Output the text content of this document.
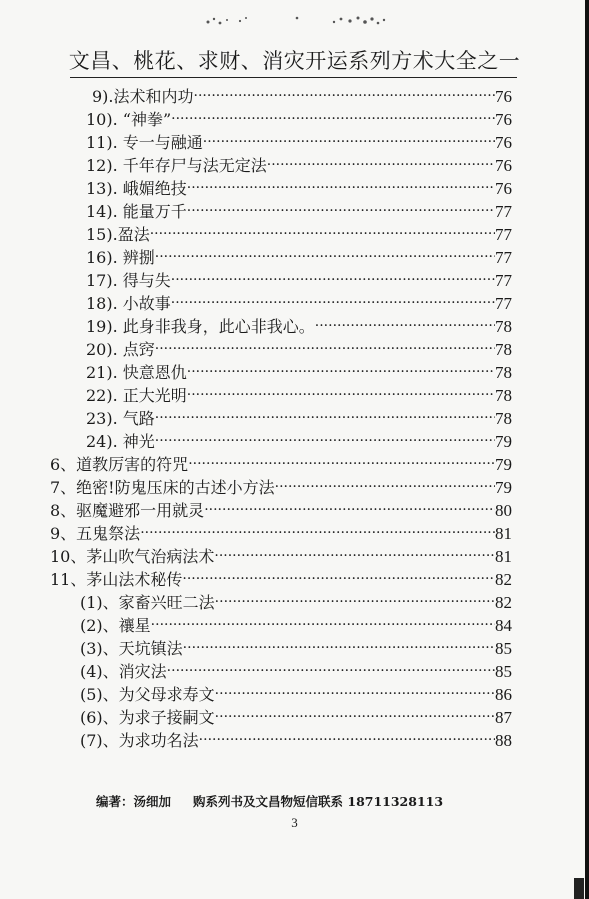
文昌、桃花、求财、消灾开运系列方术大全之一
9).法术和内功 ·····	76
10). “神拳” ·····	76
11). 专一与融通 ·····	76
12). 千年存尸与法无定法 ·····	76
13). 峨媚绝技 ·····	76
14). 能量万千 ·····	77
15).盈法 ·····	77
16). 辨捌 ·····	77
17). 得与失 ·····	77
18). 小故事 ·····	77
19). 此身非我身，此心非我心。 ·····	78
20). 点窍 ·····	78
21). 快意恩仇 ·····	78
22). 正大光明 ·····	78
23). 气路 ·····	78
24). 神光 ·····	79
6、道教厉害的符咒 ·····	79
7、绝密!防鬼压床的古述小方法 ·····	79
8、驱魔避邪一用就灵 ·····	80
9、五鬼祭法 ·····	81
10、茅山吹气治病法术 ·····	81
11、茅山法术秘传 ·····	82
(1)、家畜兴旺二法 ·····	82
(2)、禳星 ·····	84
(3)、天坑镇法 ·····	85
(4)、消灾法 ·····	85
(5)、为父母求寿文 ·····	86
(6)、为求子接嗣文 ·····	87
(7)、为求功名法 ·····	88
编著：汤细加 购系列书及文昌物短信联系 18711328113
3
